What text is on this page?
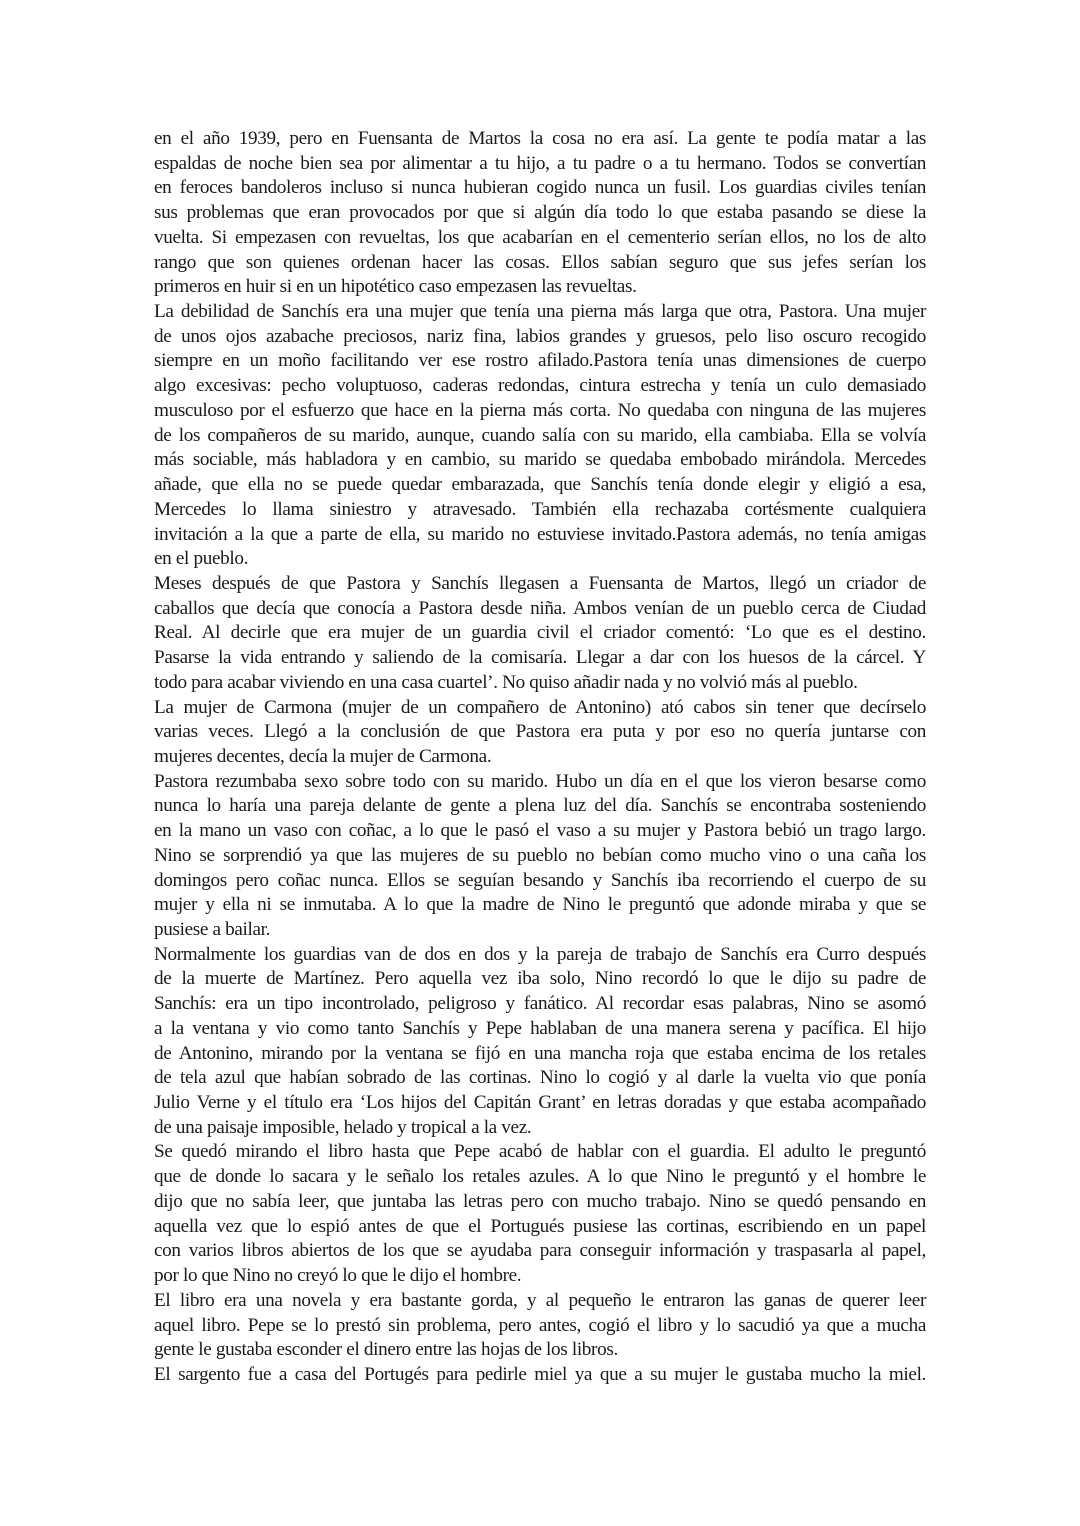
en el año 1939, pero en Fuensanta de Martos la cosa no era así. La gente te podía matar a las
espaldas de noche bien sea por alimentar a tu hijo, a tu padre o a tu hermano. Todos se convertían
en feroces bandoleros incluso si nunca hubieran cogido nunca un fusil. Los guardias civiles tenían
sus problemas que eran provocados por que si algún día todo lo que estaba pasando se diese la
vuelta. Si empezasen con revueltas, los que acabarían en el cementerio serían ellos, no los de alto
rango que son quienes ordenan hacer las cosas. Ellos sabían seguro que sus jefes serían los
primeros en huir si en un hipotético caso empezasen las revueltas.
La debilidad de Sanchís era una mujer que tenía una pierna más larga que otra, Pastora. Una mujer
de unos ojos azabache preciosos, nariz fina, labios grandes y gruesos, pelo liso oscuro recogido
siempre en un moño facilitando ver ese rostro afilado.Pastora tenía unas dimensiones de cuerpo
algo excesivas: pecho voluptuoso, caderas redondas, cintura estrecha y tenía un culo demasiado
musculoso por el esfuerzo que hace en la pierna más corta. No quedaba con ninguna de las mujeres
de los compañeros de su marido, aunque, cuando salía con su marido, ella cambiaba. Ella se volvía
más sociable, más habladora y en cambio, su marido se quedaba embobado mirándola. Mercedes
añade, que ella no se puede quedar embarazada, que Sanchís tenía donde elegir y eligió a esa,
Mercedes lo llama siniestro y atravesado. También ella rechazaba cortésmente cualquiera
invitación a la que a parte de ella, su marido no estuviese invitado.Pastora además, no tenía amigas
en el pueblo.
Meses después de que Pastora y Sanchís llegasen a Fuensanta de Martos, llegó un criador de
caballos que decía que conocía a Pastora desde niña. Ambos venían de un pueblo cerca de Ciudad
Real. Al decirle que era mujer de un guardia civil el criador comentó: ‘Lo que es el destino.
Pasarse la vida entrando y saliendo de la comisaría. Llegar a dar con los huesos de la cárcel. Y
todo para acabar viviendo en una casa cuartel’. No quiso añadir nada y no volvió más al pueblo.
La mujer de Carmona (mujer de un compañero de Antonino) ató cabos sin tener que decírselo
varias veces. Llegó a la conclusión de que Pastora era puta y por eso no quería juntarse con
mujeres decentes, decía la mujer de Carmona.
Pastora rezumbaba sexo sobre todo con su marido. Hubo un día en el que los vieron besarse como
nunca lo haría una pareja delante de gente a plena luz del día. Sanchís se encontraba sosteniendo
en la mano un vaso con coñac, a lo que le pasó el vaso a su mujer y Pastora bebió un trago largo.
Nino se sorprendió ya que las mujeres de su pueblo no bebían como mucho vino o una caña los
domingos pero coñac nunca. Ellos se seguían besando y Sanchís iba recorriendo el cuerpo de su
mujer y ella ni se inmutaba. A lo que la madre de Nino le preguntó que adonde miraba y que se
pusiese a bailar.
Normalmente los guardias van de dos en dos y la pareja de trabajo de Sanchís era Curro después
de la muerte de Martínez. Pero aquella vez iba solo, Nino recordó lo que le dijo su padre de
Sanchís: era un tipo incontrolado, peligroso y fanático. Al recordar esas palabras, Nino se asomó
a la ventana y vio como tanto Sanchís y Pepe hablaban de una manera serena y pacífica. El hijo
de Antonino, mirando por la ventana se fijó en una mancha roja que estaba encima de los retales
de tela azul que habían sobrado de las cortinas. Nino lo cogió y al darle la vuelta vio que ponía
Julio Verne y el título era ‘Los hijos del Capitán Grant’ en letras doradas y que estaba acompañado
de una paisaje imposible, helado y tropical a la vez.
Se quedó mirando el libro hasta que Pepe acabó de hablar con el guardia. El adulto le preguntó
que de donde lo sacara y le señalo los retales azules. A lo que Nino le preguntó y el hombre le
dijo que no sabía leer, que juntaba las letras pero con mucho trabajo. Nino se quedó pensando en
aquella vez que lo espió antes de que el Portugués pusiese las cortinas, escribiendo en un papel
con varios libros abiertos de los que se ayudaba para conseguir información y traspasarla al papel,
por lo que Nino no creyó lo que le dijo el hombre.
El libro era una novela y era bastante gorda, y al pequeño le entraron las ganas de querer leer
aquel libro. Pepe se lo prestó sin problema, pero antes, cogió el libro y lo sacudió ya que a mucha
gente le gustaba esconder el dinero entre las hojas de los libros.
El sargento fue a casa del Portugés para pedirle miel ya que a su mujer le gustaba mucho la miel.
